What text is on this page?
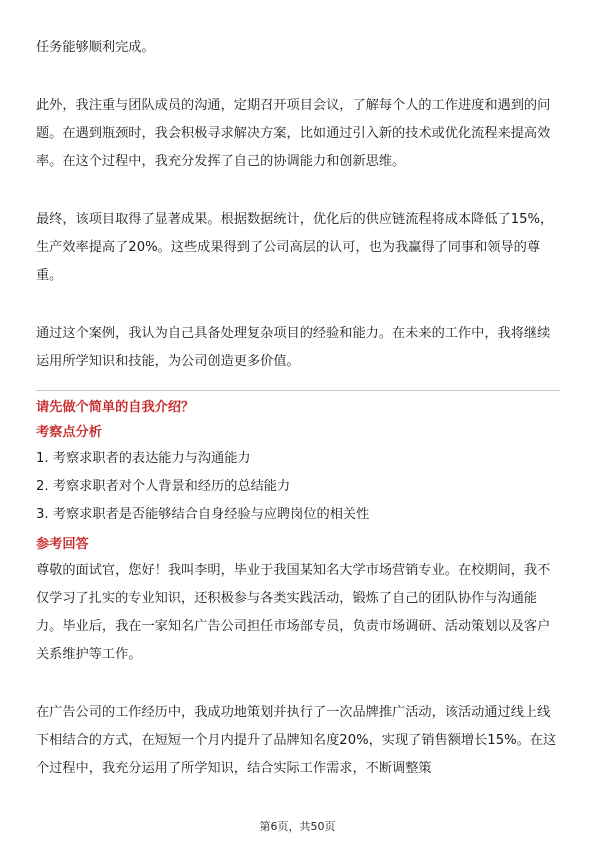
任务能够顺利完成。

此外，我注重与团队成员的沟通，定期召开项目会议，了解每个人的工作进度和遇到的问题。在遇到瓶颈时，我会积极寻求解决方案，比如通过引入新的技术或优化流程来提高效率。在这个过程中，我充分发挥了自己的协调能力和创新思维。

最终，该项目取得了显著成果。根据数据统计，优化后的供应链流程将成本降低了15%，生产效率提高了20%。这些成果得到了公司高层的认可，也为我赢得了同事和领导的尊重。

通过这个案例，我认为自己具备处理复杂项目的经验和能力。在未来的工作中，我将继续运用所学知识和技能，为公司创造更多价值。

请先做个简单的自我介绍？

考察点分析

1. 考察求职者的表达能力与沟通能力

2. 考察求职者对个人背景和经历的总结能力

3. 考察求职者是否能够结合自身经验与应聘岗位的相关性

参考回答

尊敬的面试官，您好！我叫李明，毕业于我国某知名大学市场营销专业。在校期间，我不仅学习了扎实的专业知识，还积极参与各类实践活动，锻炼了自己的团队协作与沟通能力。毕业后，我在一家知名广告公司担任市场部专员，负责市场调研、活动策划以及客户关系维护等工作。

在广告公司的工作经历中，我成功地策划并执行了一次品牌推广活动，该活动通过线上线下相结合的方式，在短短一个月内提升了品牌知名度20%，实现了销售额增长15%。在这个过程中，我充分运用了所学知识，结合实际工作需求，不断调整策

第6页，共50页
